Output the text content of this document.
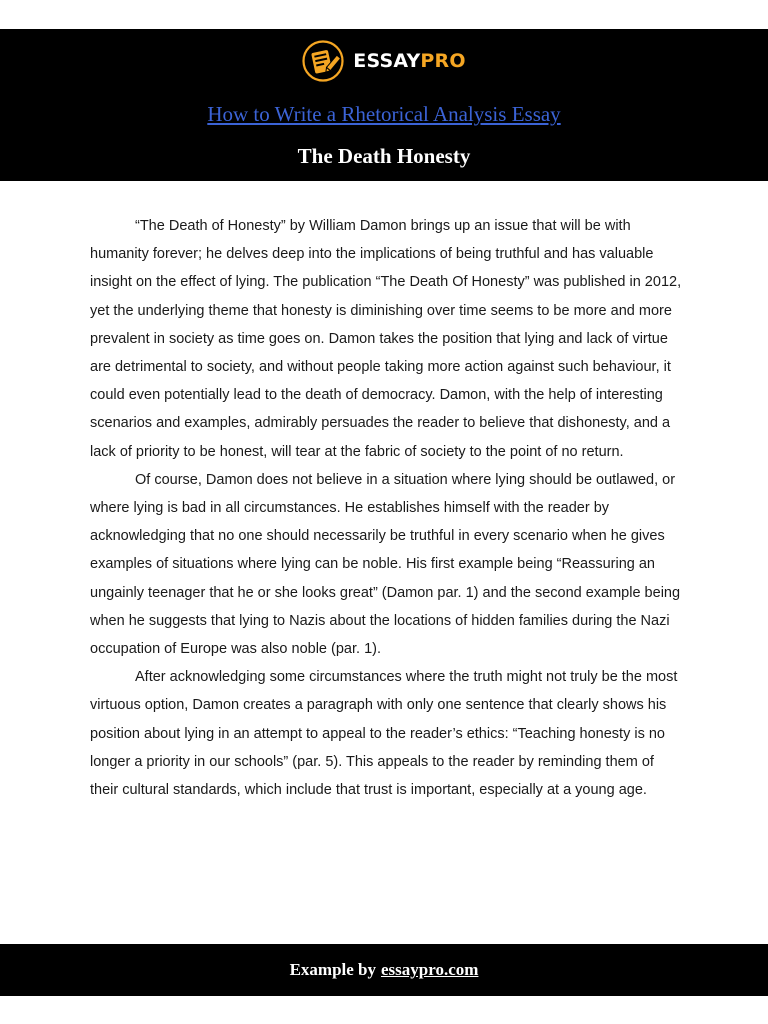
ESSAYPRO
How to Write a Rhetorical Analysis Essay
The Death Honesty

“The Death of Honesty” by William Damon brings up an issue that will be with humanity forever; he delves deep into the implications of being truthful and has valuable insight on the effect of lying. The publication “The Death Of Honesty” was published in 2012, yet the underlying theme that honesty is diminishing over time seems to be more and more prevalent in society as time goes on. Damon takes the position that lying and lack of virtue are detrimental to society, and without people taking more action against such behaviour, it could even potentially lead to the death of democracy. Damon, with the help of interesting scenarios and examples, admirably persuades the reader to believe that dishonesty, and a lack of priority to be honest, will tear at the fabric of society to the point of no return.

Of course, Damon does not believe in a situation where lying should be outlawed, or where lying is bad in all circumstances. He establishes himself with the reader by acknowledging that no one should necessarily be truthful in every scenario when he gives examples of situations where lying can be noble. His first example being “Reassuring an ungainly teenager that he or she looks great” (Damon par. 1) and the second example being when he suggests that lying to Nazis about the locations of hidden families during the Nazi occupation of Europe was also noble (par. 1).

After acknowledging some circumstances where the truth might not truly be the most virtuous option, Damon creates a paragraph with only one sentence that clearly shows his position about lying in an attempt to appeal to the reader’s ethics: “Teaching honesty is no longer a priority in our schools” (par. 5). This appeals to the reader by reminding them of their cultural standards, which include that trust is important, especially at a young age.

Example by essaypro.com
